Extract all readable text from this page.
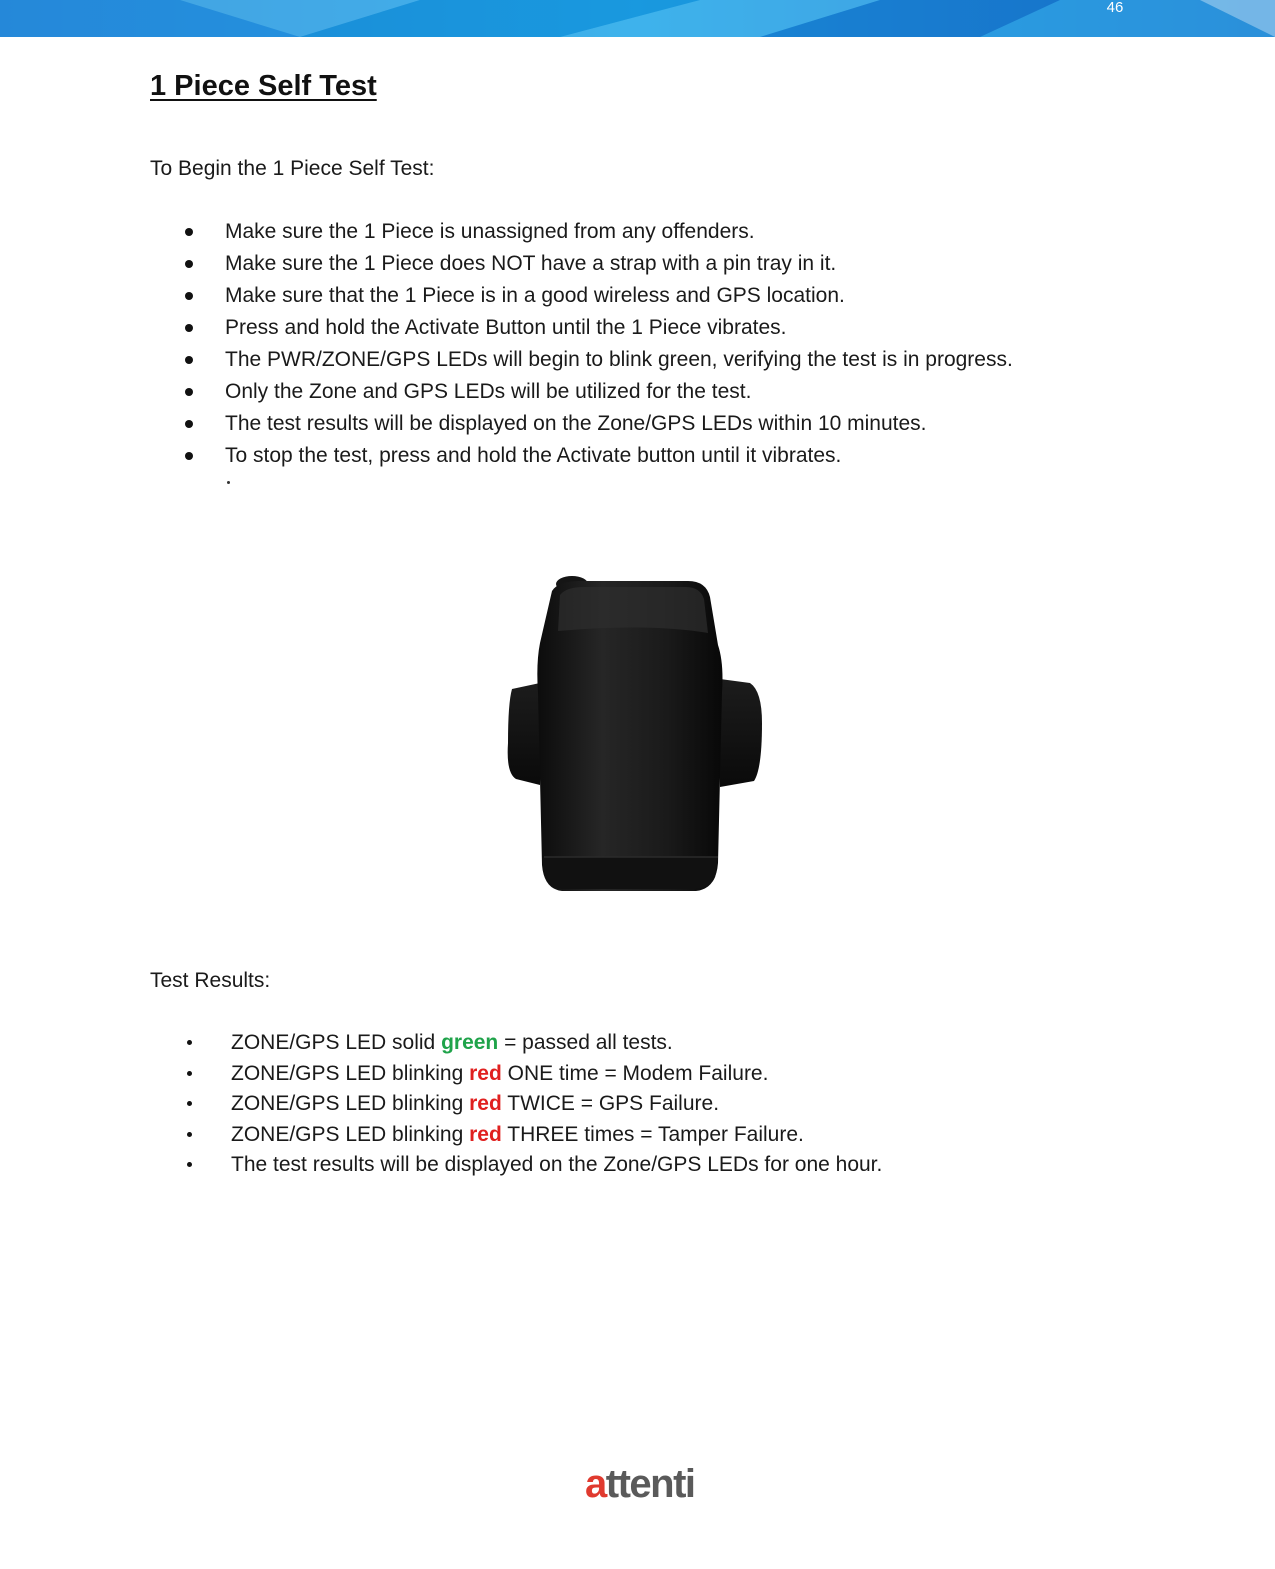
46
1 Piece Self Test

To Begin the 1 Piece Self Test:

Make sure the 1 Piece is unassigned from any offenders.
Make sure the 1 Piece does NOT have a strap with a pin tray in it.
Make sure that the 1 Piece is in a good wireless and GPS location.
Press and hold the Activate Button until the 1 Piece vibrates.
The PWR/ZONE/GPS LEDs will begin to blink green, verifying the test is in progress.
Only the Zone and GPS LEDs will be utilized for the test.
The test results will be displayed on the Zone/GPS LEDs within 10 minutes.
To stop the test, press and hold the Activate button until it vibrates.

Test Results:

ZONE/GPS LED solid green = passed all tests.
ZONE/GPS LED blinking red ONE time = Modem Failure.
ZONE/GPS LED blinking red TWICE = GPS Failure.
ZONE/GPS LED blinking red THREE times = Tamper Failure.
The test results will be displayed on the Zone/GPS LEDs for one hour.
attenti
